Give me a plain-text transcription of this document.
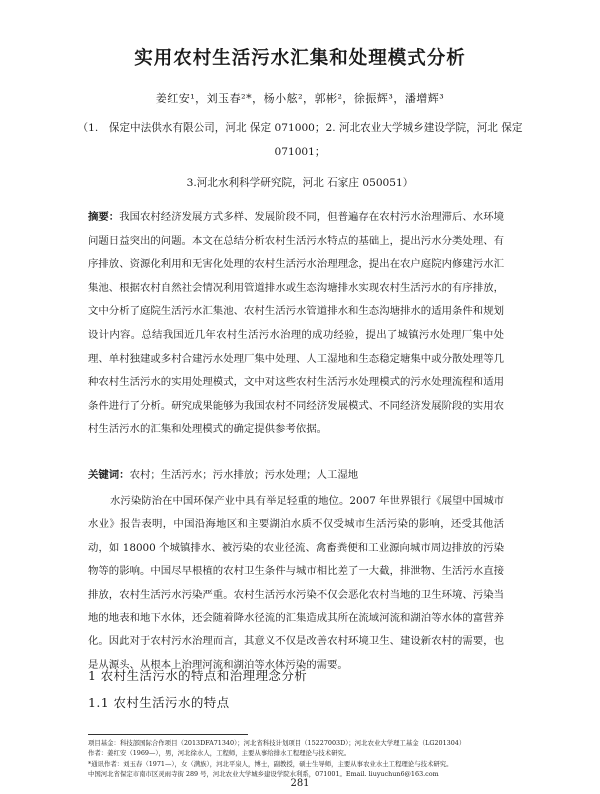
实用农村生活污水汇集和处理模式分析
姜红安¹，刘玉春²*，杨小舷²，郭彬²，徐振辉³，潘增辉³
（1.　保定中法供水有限公司，河北 保定 071000；2. 河北农业大学城乡建设学院，河北 保定 071001；
3.河北水利科学研究院，河北 石家庄 050051）
摘要：我国农村经济发展方式多样、发展阶段不同，但普遍存在农村污水治理滞后、水环境问题日益突出的问题。本文在总结分析农村生活污水特点的基础上，提出污水分类处理、有序排放、资源化利用和无害化处理的农村生活污水治理理念，提出在农户庭院内修建污水汇集池、根据农村自然社会情况利用管道排水或生态沟塘排水实现农村生活污水的有序排放，文中分析了庭院生活污水汇集池、农村生活污水管道排水和生态沟塘排水的适用条件和规划设计内容。总结我国近几年农村生活污水治理的成功经验，提出了城镇污水处理厂集中处理、单村独建或多村合建污水处理厂集中处理、人工湿地和生态稳定塘集中或分散处理等几种农村生活污水的实用处理模式，文中对这些农村生活污水处理模式的污水处理流程和适用条件进行了分析。研究成果能够为我国农村不同经济发展模式、不同经济发展阶段的实用农村生活污水的汇集和处理模式的确定提供参考依据。
关键词：农村；生活污水；污水排放；污水处理；人工湿地
水污染防治在中国环保产业中具有举足轻重的地位。2007 年世界银行《展望中国城市水业》报告表明，中国沿海地区和主要湖泊水质不仅受城市生活污染的影响，还受其他活动，如 18000 个城镇排水、被污染的农业径流、禽畜粪便和工业源向城市周边排放的污染物等的影响。中国尽早根植的农村卫生条件与城市相比差了一大截，排泄物、生活污水直接排放，农村生活污水污染严重。农村生活污水污染不仅会恶化农村当地的卫生环境、污染当地的地表和地下水体，还会随着降水径流的汇集造成其所在流域河流和湖泊等水体的富营养化。因此对于农村污水治理而言，其意义不仅是改善农村环境卫生、建设新农村的需要，也是从源头、从根本上治理河流和湖泊等水体污染的需要。
1 农村生活污水的特点和治理理念分析
1.1 农村生活污水的特点
项目基金：科技部国际合作项目（2013DFA71340）；河北省科技计划项目（15227003D）；河北农业大学理工基金（LG201304）
作者：姜红安（1969—），男，河北徐水人，工程师，主要从事给排水工程理论与技术研究。
*通讯作者：刘玉春（1971—），女（满族），河北平泉人，博士，副教授，硕士生导师，主要从事农业水土工程理论与技术研究。
中国河北省保定市南市区灵雨寺街 289 号，河北农业大学城乡建设学院水利系，071001。Email. liuyuchun6@163.com
281
